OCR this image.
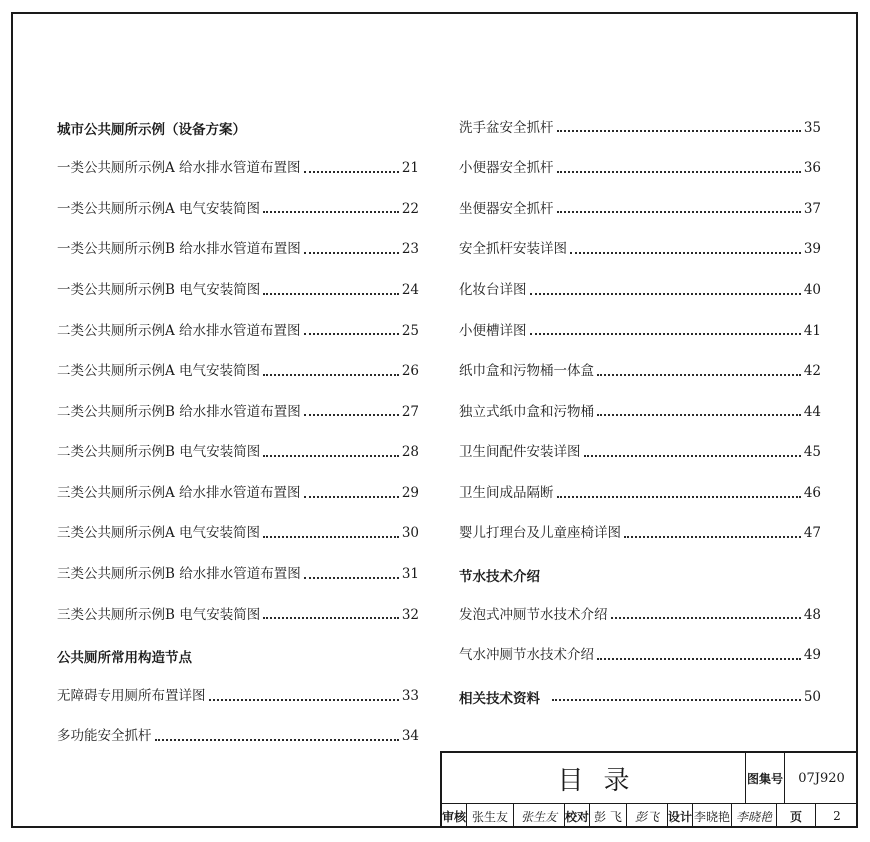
城市公共厕所示例（设备方案）
一类公共厕所示例A 给水排水管道布置图	21
一类公共厕所示例A 电气安装简图	22
一类公共厕所示例B 给水排水管道布置图	23
一类公共厕所示例B 电气安装简图	24
二类公共厕所示例A 给水排水管道布置图	25
二类公共厕所示例A 电气安装简图	26
二类公共厕所示例B 给水排水管道布置图	27
二类公共厕所示例B 电气安装简图	28
三类公共厕所示例A 给水排水管道布置图	29
三类公共厕所示例A 电气安装简图	30
三类公共厕所示例B 给水排水管道布置图	31
三类公共厕所示例B 电气安装简图	32
公共厕所常用构造节点
无障碍专用厕所布置详图	33
多功能安全抓杆	34
洗手盆安全抓杆	35
小便器安全抓杆	36
坐便器安全抓杆	37
安全抓杆安装详图	39
化妆台详图	40
小便槽详图	41
纸巾盒和污物桶一体盒	42
独立式纸巾盒和污物桶	44
卫生间配件安装详图	45
卫生间成品隔断	46
婴儿打理台及儿童座椅详图	47
节水技术介绍
发泡式冲厕节水技术介绍	48
气水冲厕节水技术介绍	49
相关技术资料	50
目录	图集号	07J920
审核 张生友	张生友 校对 彭 飞	彭飞 设计 李晓艳 李晓艳	页	2
